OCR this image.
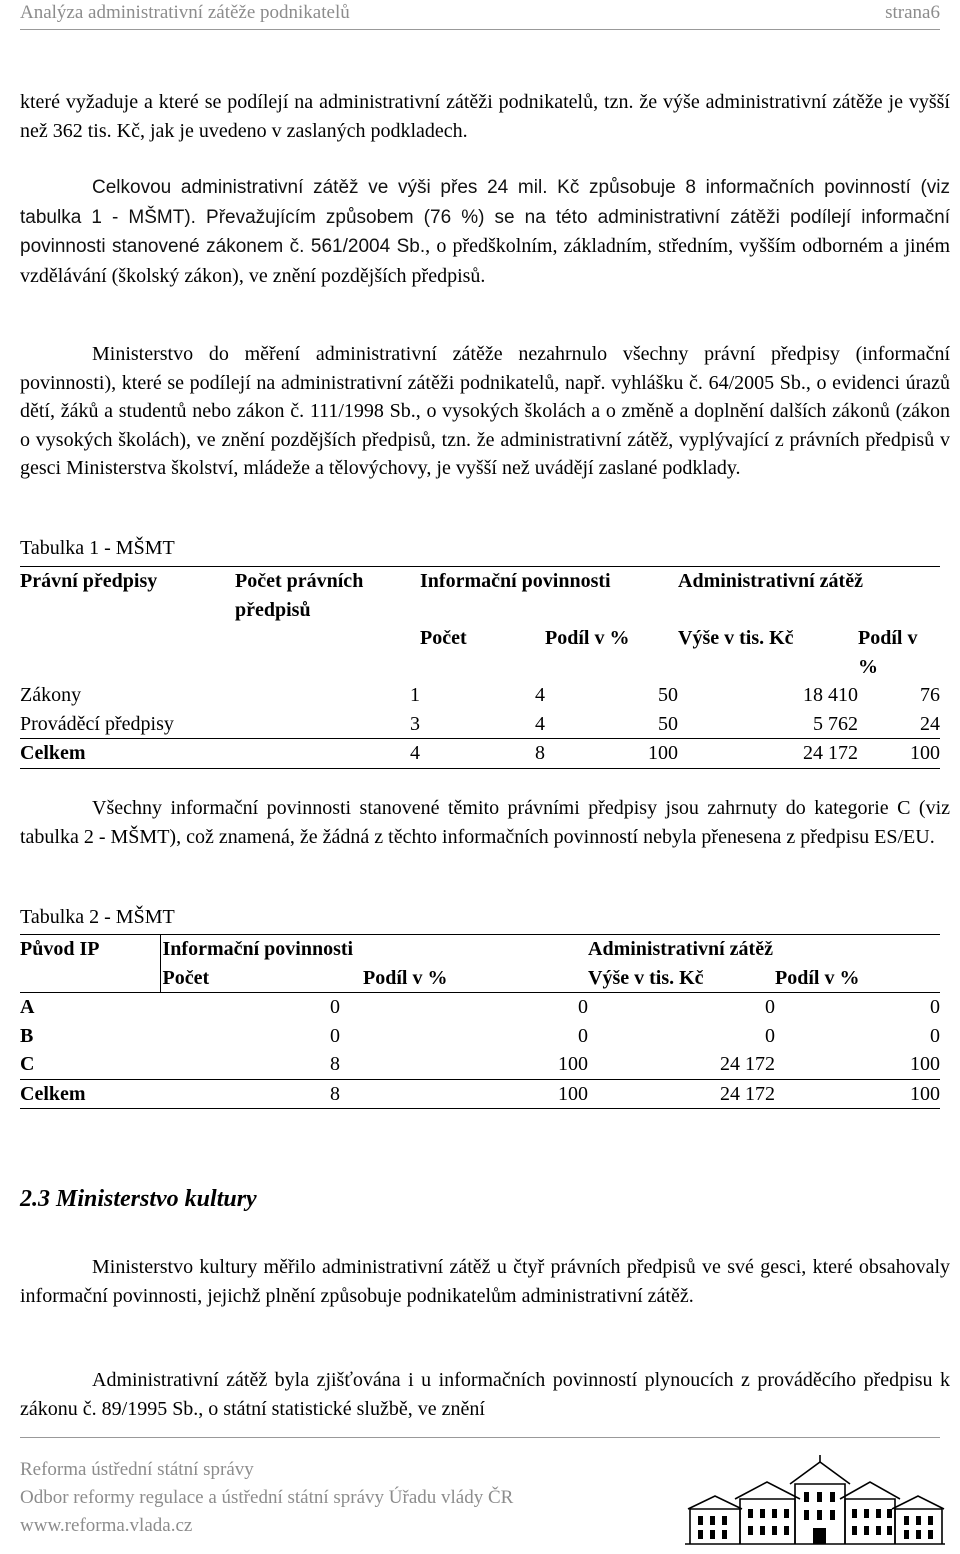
Analýza administrativní zátěže podnikatelů	strana6

které vyžaduje a které se podílejí na administrativní zátěži podnikatelů, tzn. že výše administrativní zátěže je vyšší než 362 tis. Kč, jak je uvedeno v zaslaných podkladech.

Celkovou administrativní zátěž ve výši přes 24 mil. Kč způsobuje 8 informačních povinností (viz tabulka 1 - MŠMT). Převažujícím způsobem (76 %) se na této administrativní zátěži podílejí informační povinnosti stanovené zákonem č. 561/2004 Sb., o předškolním, základním, středním, vyšším odborném a jiném vzdělávání (školský zákon), ve znění pozdějších předpisů.

Ministerstvo do měření administrativní zátěže nezahrnulo všechny právní předpisy (informační povinnosti), které se podílejí na administrativní zátěži podnikatelů, např. vyhlášku č. 64/2005 Sb., o evidenci úrazů dětí, žáků a studentů nebo zákon č. 111/1998 Sb., o vysokých školách a o změně a doplnění dalších zákonů (zákon o vysokých školách), ve znění pozdějších předpisů, tzn. že administrativní zátěž, vyplývající z právních předpisů v gesci Ministerstva školství, mládeže a tělovýchovy, je vyšší než uvádějí zaslané podklady.

Tabulka 1 - MŠMT
Právní předpisy	Počet právních předpisů	Informační povinnosti		Administrativní zátěž	

		Počet	Podíl v %	Výše v tis. Kč	Podíl v %
Zákony	1	4	50	18 410	76
Prováděcí předpisy	3	4	50	5 762	24
Celkem	4	8	100	24 172	100

Všechny informační povinnosti stanovené těmito právními předpisy jsou zahrnuty do kategorie C (viz tabulka 2 - MŠMT), což znamená, že žádná z těchto informačních povinností nebyla přenesena z předpisu ES/EU.

Tabulka 2 - MŠMT
Původ IP	Informační povinnosti		Administrativní zátěž	
	Počet	Podíl v %	Výše v tis. Kč	Podíl v %
A	0	0	0	0
B	0	0	0	0
C	8	100	24 172	100
Celkem	8	100	24 172	100
2.3 Ministerstvo kultury

Ministerstvo kultury měřilo administrativní zátěž u čtyř právních předpisů ve své gesci, které obsahovaly informační povinnosti, jejichž plnění způsobuje podnikatelům administrativní zátěž.

Administrativní zátěž byla zjišťována i u informačních povinností plynoucích z prováděcího předpisu k zákonu č. 89/1995 Sb., o státní statistické službě, ve znění

Reforma ústřední státní správy
Odbor reformy regulace a ústřední státní správy Úřadu vlády ČR
www.reforma.vlada.cz
